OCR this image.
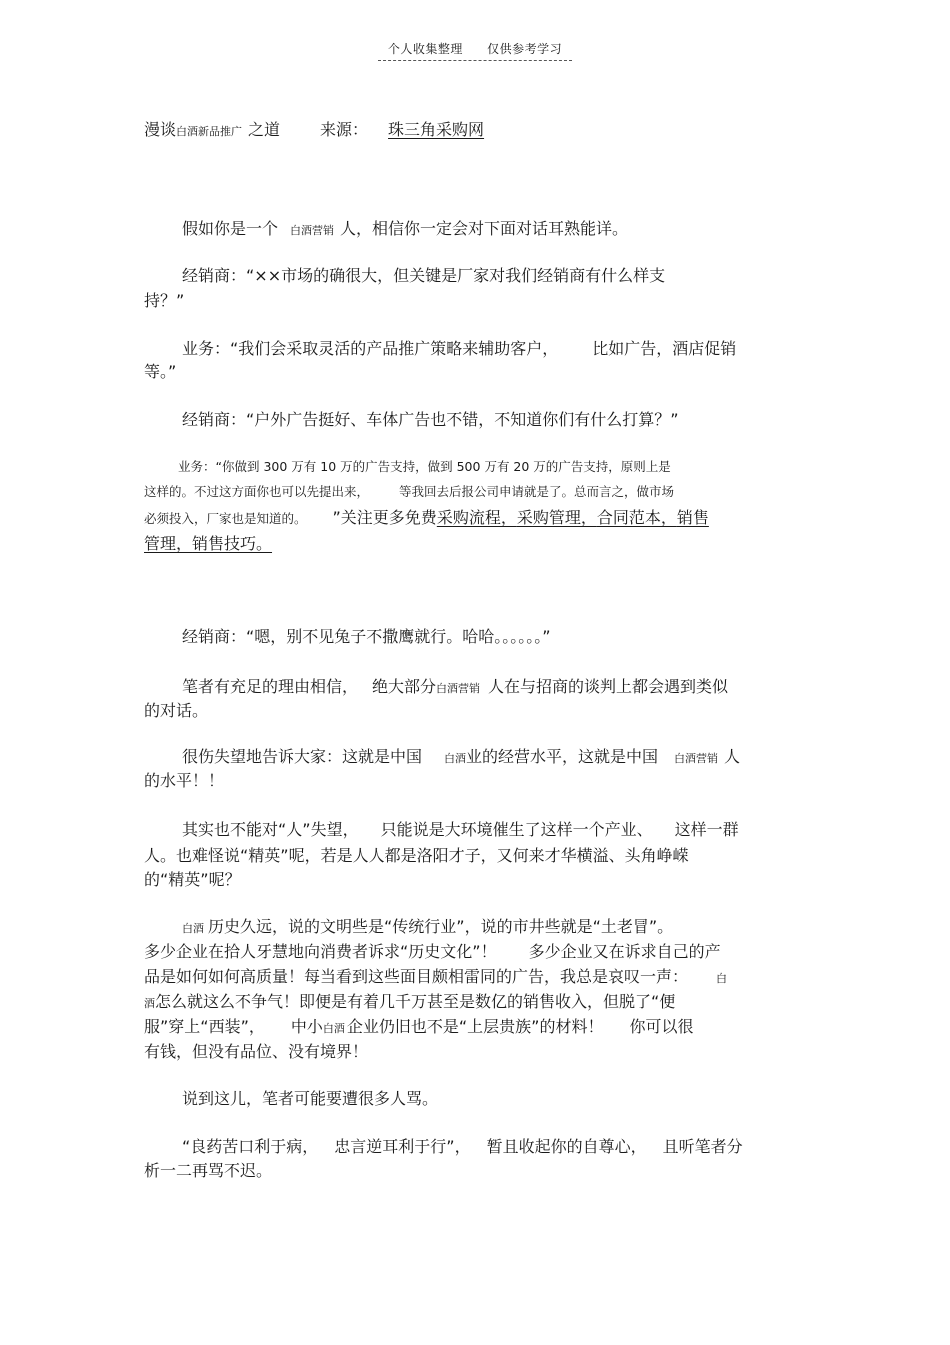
个人收集整理 仅供参考学习
漫谈白酒新品推广 之道	来源： 珠三角采购网
假如你是一个 白酒营销 人，相信你一定会对下面对话耳熟能详。
经销商：“××市场的确很大，但关键是厂家对我们经销商有什么样支
持？”
业务：“我们会采取灵活的产品推广策略来辅助客户， 比如广告，酒店促销
等。”
经销商：“户外广告挺好、车体广告也不错，不知道你们有什么打算？”
业务：“你做到 300 万有 10 万的广告支持，做到 500 万有 20 万的广告支持，原则上是
这样的。不过这方面你也可以先提出来， 等我回去后报公司申请就是了。总而言之，做市场
必须投入，厂家也是知道的。 ”关注更多免费采购流程，采购管理，合同范本，销售
管理，销售技巧。
经销商：“嗯，别不见兔子不撒鹰就行。哈哈。。。。。。”
笔者有充足的理由相信， 绝大部分白酒营销 人在与招商的谈判上都会遇到类似
的对话。
很伤失望地告诉大家：这就是中国 白酒业的经营水平，这就是中国 白酒营销 人
的水平！！
其实也不能对“人”失望， 只能说是大环境催生了这样一个产业、 这样一群
人。也难怪说“精英”呢，若是人人都是洛阳才子，又何来才华横溢、头角峥嵘
的“精英”呢？
白酒 历史久远，说的文明些是“传统行业”，说的市井些就是“土老冒”。
多少企业在拾人牙慧地向消费者诉求“历史文化”！ 多少企业又在诉求自己的产
品是如何如何高质量！每当看到这些面目颇相雷同的广告，我总是哀叹一声：	白
酒怎么就这么不争气！即便是有着几千万甚至是数亿的销售收入，但脱了“便
服”穿上“西装”， 中小白酒 企业仍旧也不是“上层贵族”的材料！ 你可以很
有钱，但没有品位、没有境界！
说到这儿，笔者可能要遭很多人骂。
“良药苦口利于病， 忠言逆耳利于行”， 暂且收起你的自尊心， 且听笔者分
析一二再骂不迟。
